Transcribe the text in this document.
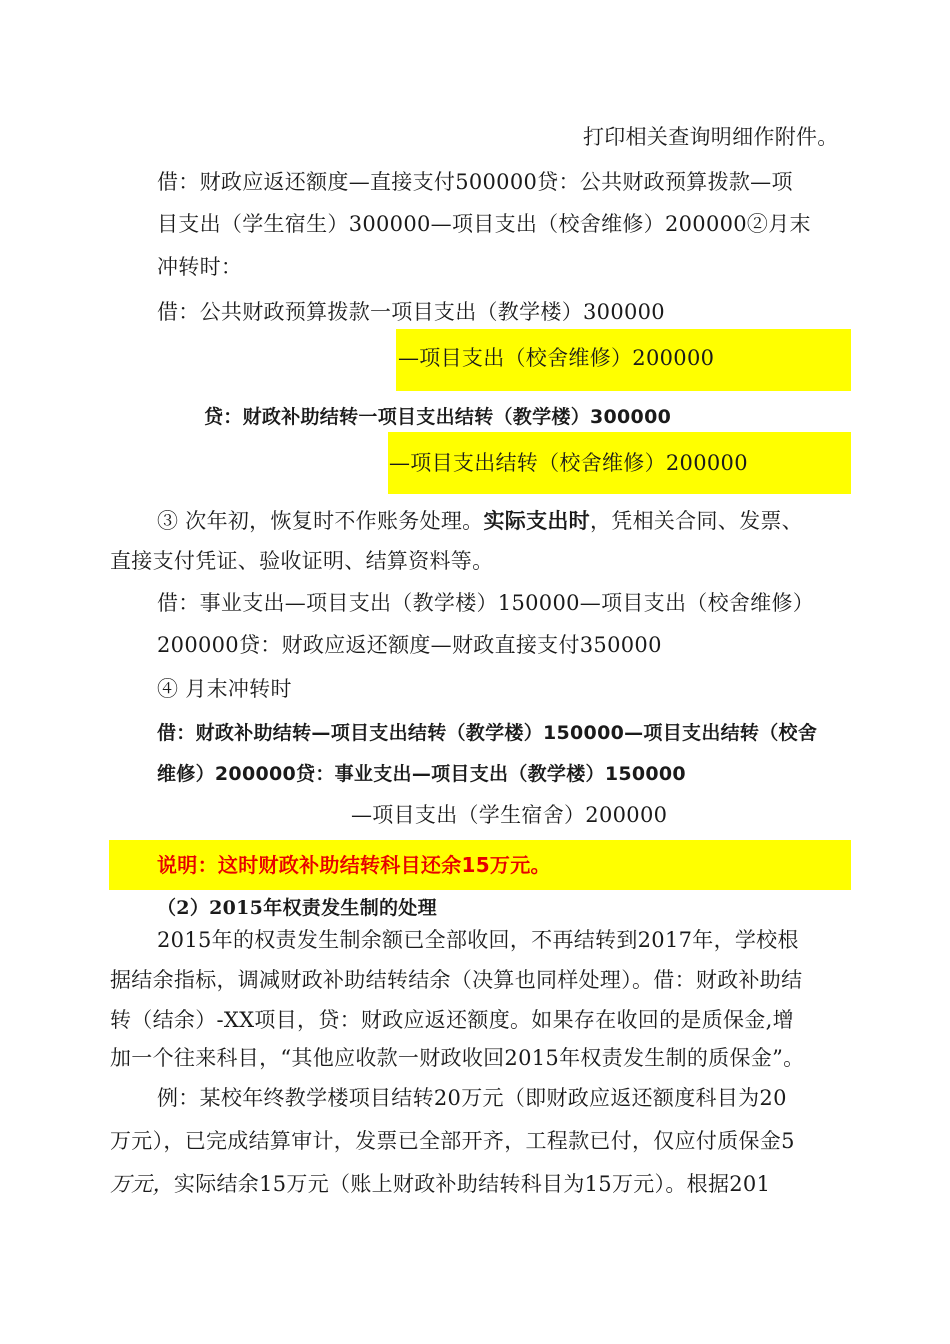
打印相关查询明细作附件。
借：财政应返还额度—直接支付500000贷：公共财政预算拨款—项
目支出（学生宿生）300000—项目支出（校舍维修）200000②月末
冲转时：
借：公共财政预算拨款一项目支出（教学楼）300000
—项目支出（校舍维修）200000
贷：财政补助结转一项目支出结转（教学楼）300000
—项目支出结转（校舍维修）200000
③ 次年初，恢复时不作账务处理。实际支出时，凭相关合同、发票、
直接支付凭证、验收证明、结算资料等。
借：事业支出—项目支出（教学楼）150000—项目支出（校舍维修）
200000贷：财政应返还额度—财政直接支付350000
④ 月末冲转时
借：财政补助结转—项目支出结转（教学楼）150000—项目支出结转（校舍
维修）200000贷：事业支出—项目支出（教学楼）150000
—项目支出（学生宿舍）200000
说明：这时财政补助结转科目还余15万元。
（2）2015年权责发生制的处理
2015年的权责发生制余额已全部收回，不再结转到2017年，学校根
据结余指标，调减财政补助结转结余（决算也同样处理）。借：财政补助结
转（结余）-XX项目，贷：财政应返还额度。如果存在收回的是质保金,增
加一个往来科目，“其他应收款一财政收回2015年权责发生制的质保金”。
例：某校年终教学楼项目结转20万元（即财政应返还额度科目为20
万元），已完成结算审计，发票已全部开齐，工程款已付，仅应付质保金5
万元，实际结余15万元（账上财政补助结转科目为15万元）。根据201
